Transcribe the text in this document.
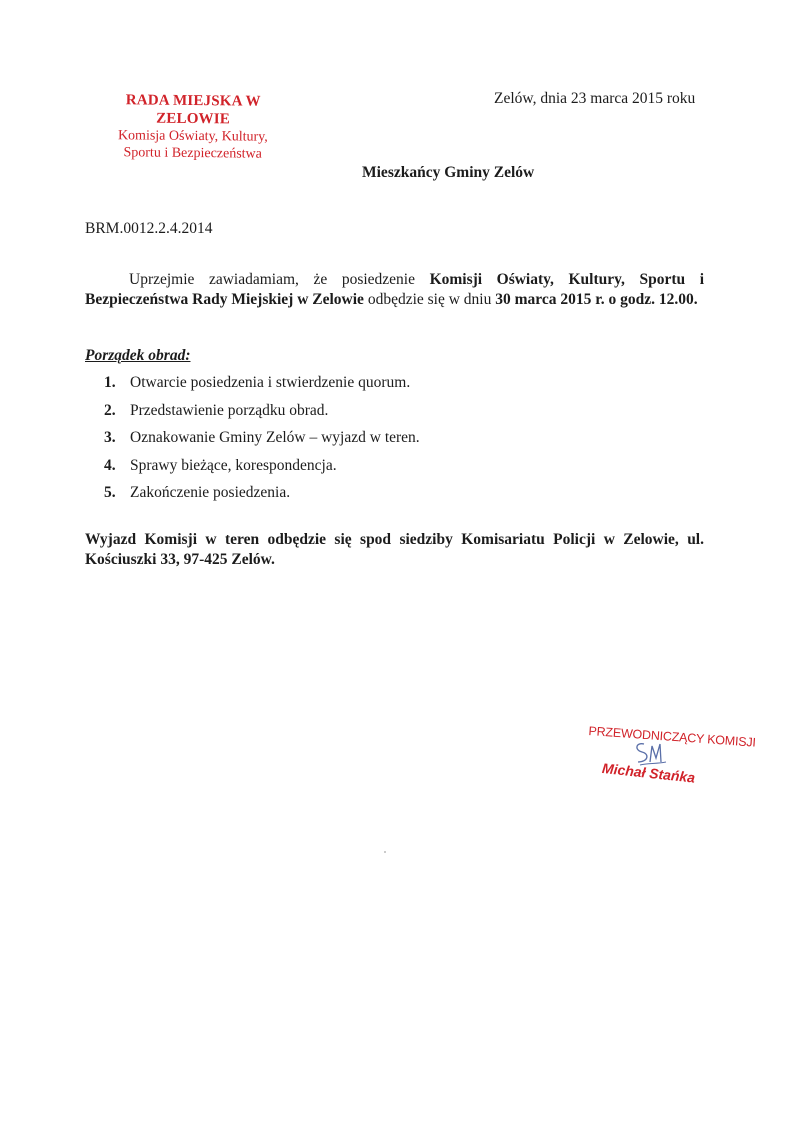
RADA MIEJSKA W ZELOWIE
Komisja Oświaty, Kultury,
Sportu i Bezpieczeństwa
Zelów, dnia 23 marca 2015 roku
Mieszkańcy Gminy Zelów
BRM.0012.2.4.2014

Uprzejmie zawiadamiam, że posiedzenie Komisji Oświaty, Kultury, Sportu i Bezpieczeństwa Rady Miejskiej w Zelowie odbędzie się w dniu 30 marca 2015 r. o godz. 12.00.

Porządek obrad:
1. Otwarcie posiedzenia i stwierdzenie quorum.
2. Przedstawienie porządku obrad.
3. Oznakowanie Gminy Zelów – wyjazd w teren.
4. Sprawy bieżące, korespondencja.
5. Zakończenie posiedzenia.
Wyjazd Komisji w teren odbędzie się spod siedziby Komisariatu Policji w Zelowie, ul. Kościuszki 33, 97-425 Zelów.
PRZEWODNICZĄCY KOMISJI
Michał Stańka
